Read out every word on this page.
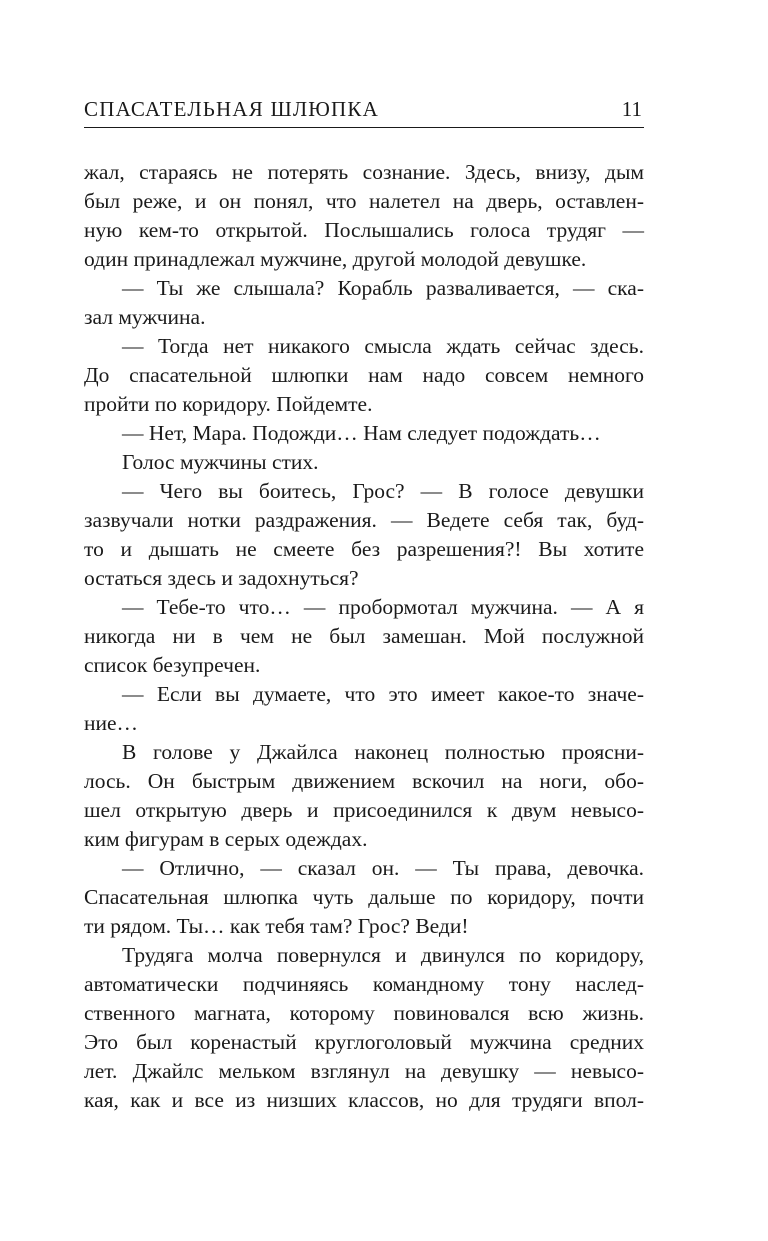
СПАСАТЕЛЬНАЯ ШЛЮПКА	11
жал, стараясь не потерять сознание. Здесь, внизу, дым
был реже, и он понял, что налетел на дверь, оставлен-
ную кем-то открытой. Послышались голоса трудяг —
один принадлежал мужчине, другой молодой девушке.
— Ты же слышала? Корабль разваливается, — ска-
зал мужчина.
— Тогда нет никакого смысла ждать сейчас здесь.
До спасательной шлюпки нам надо совсем немного
пройти по коридору. Пойдемте.
— Нет, Мара. Подожди… Нам следует подождать…
Голос мужчины стих.
— Чего вы боитесь, Грос? — В голосе девушки
зазвучали нотки раздражения. — Ведете себя так, буд-
то и дышать не смеете без разрешения?! Вы хотите
остаться здесь и задохнуться?
— Тебе-то что… — пробормотал мужчина. — А я
никогда ни в чем не был замешан. Мой послужной
список безупречен.
— Если вы думаете, что это имеет какое-то значе-
ние…
В голове у Джайлса наконец полностью проясни-
лось. Он быстрым движением вскочил на ноги, обо-
шел открытую дверь и присоединился к двум невысо-
ким фигурам в серых одеждах.
— Отлично, — сказал он. — Ты права, девочка.
Спасательная шлюпка чуть дальше по коридору, почти
ти рядом. Ты… как тебя там? Грос? Веди!
Трудяга молча повернулся и двинулся по коридору,
автоматически подчиняясь командному тону наслед-
ственного магната, которому повиновался всю жизнь.
Это был коренастый круглоголовый мужчина средних
лет. Джайлс мельком взглянул на девушку — невысо-
кая, как и все из низших классов, но для трудяги впол-
